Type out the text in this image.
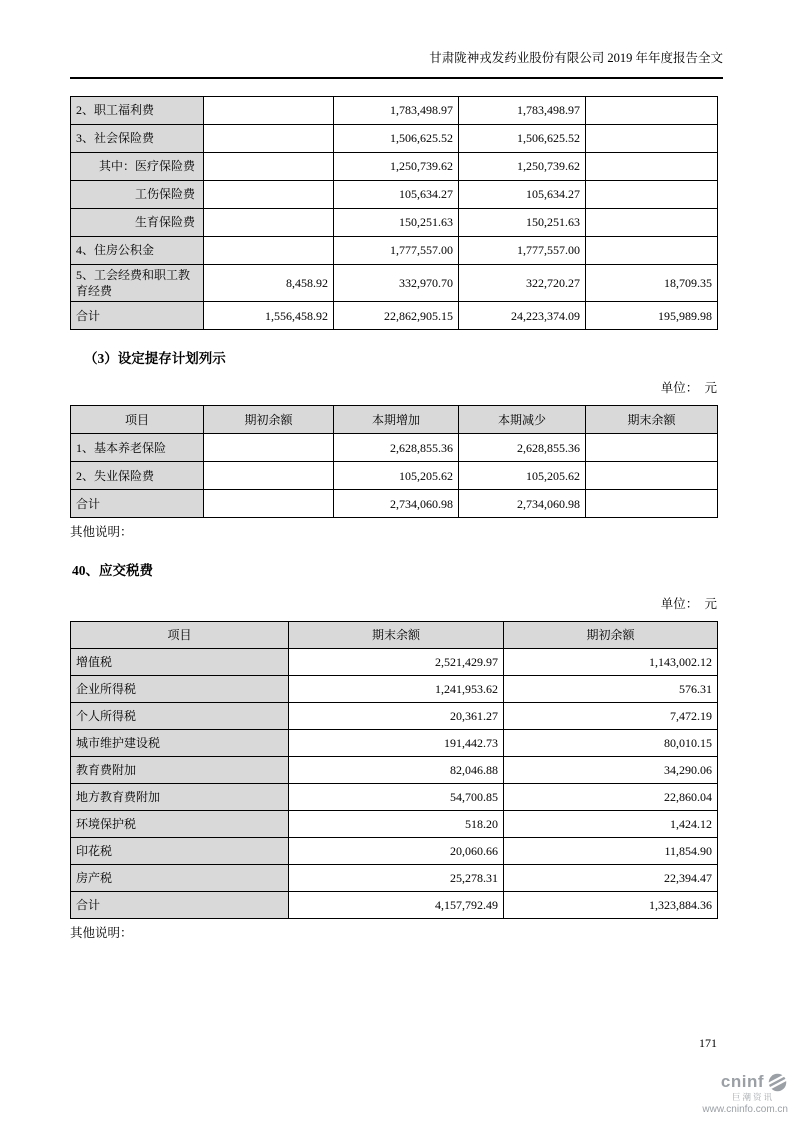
甘肃陇神戎发药业股份有限公司 2019 年年度报告全文
2、职工福利费		1,783,498.97	1,783,498.97	
3、社会保险费		1,506,625.52	1,506,625.52	
其中：医疗保险费		1,250,739.62	1,250,739.62	
工伤保险费		105,634.27	105,634.27	
生育保险费		150,251.63	150,251.63	
4、住房公积金		1,777,557.00	1,777,557.00	
5、工会经费和职工教育经费	8,458.92	332,970.70	322,720.27	18,709.35
合计	1,556,458.92	22,862,905.15	24,223,374.09	195,989.98
（3）设定提存计划列示
单位：　元
项目	期初余额	本期增加	本期减少	期末余额
1、基本养老保险		2,628,855.36	2,628,855.36	
2、失业保险费		105,205.62	105,205.62	
合计		2,734,060.98	2,734,060.98	
其他说明：
40、应交税费
单位：　元
项目	期末余额	期初余额
增值税	2,521,429.97	1,143,002.12
企业所得税	1,241,953.62	576.31
个人所得税	20,361.27	7,472.19
城市维护建设税	191,442.73	80,010.15
教育费附加	82,046.88	34,290.06
地方教育费附加	54,700.85	22,860.04
环境保护税	518.20	1,424.12
印花税	20,060.66	11,854.90
房产税	25,278.31	22,394.47
合计	4,157,792.49	1,323,884.36
其他说明：
171
cninf
巨潮资讯
www.cninfo.com.cn
